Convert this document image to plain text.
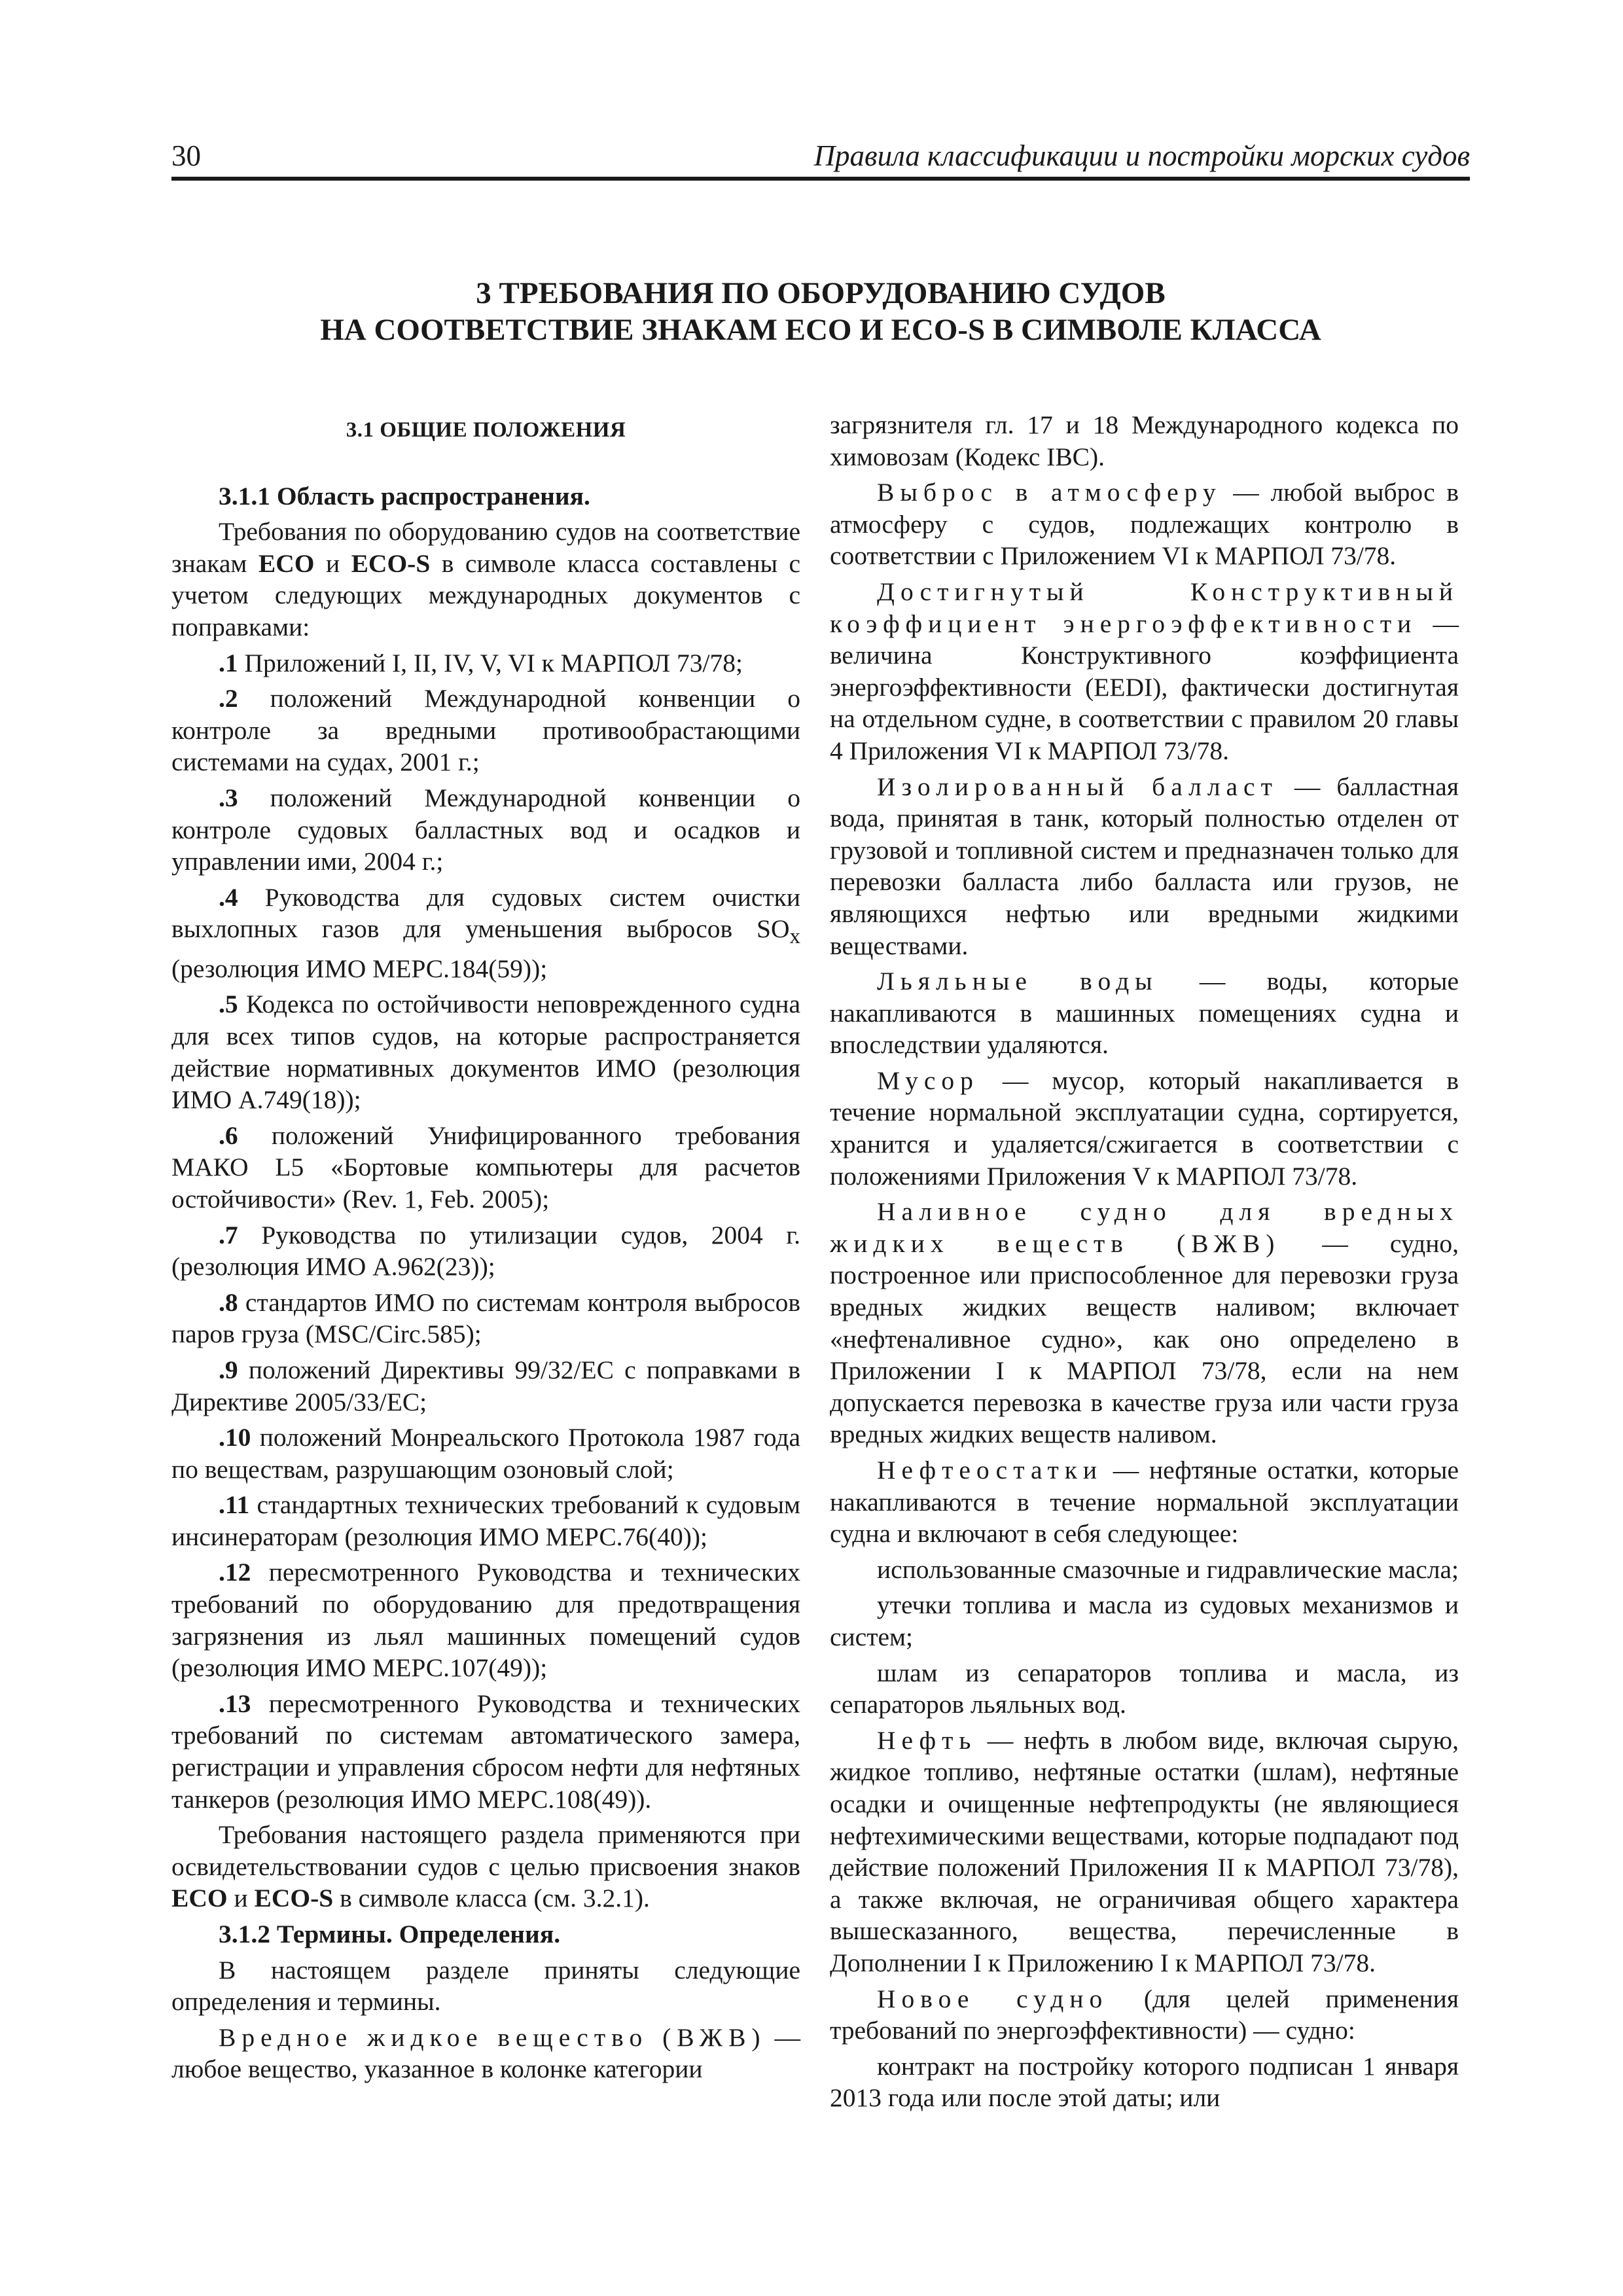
30	Правила классификации и постройки морских судов
3 ТРЕБОВАНИЯ ПО ОБОРУДОВАНИЮ СУДОВ
НА СООТВЕТСТВИЕ ЗНАКАМ ECO И ECO-S В СИМВОЛЕ КЛАССА
3.1 ОБЩИЕ ПОЛОЖЕНИЯ
3.1.1 Область распространения.

Требования по оборудованию судов на соответствие знакам ECO и ECO-S в символе класса составлены с учетом следующих международных документов с поправками:

.1 Приложений I, II, IV, V, VI к МАРПОЛ 73/78;

.2 положений Международной конвенции о контроле за вредными противообрастающими системами на судах, 2001 г.;

.3 положений Международной конвенции о контроле судовых балластных вод и осадков и управлении ими, 2004 г.;

.4 Руководства для судовых систем очистки выхлопных газов для уменьшения выбросов $SO_x$ (резолюция ИМО МЕРС.184(59));

.5 Кодекса по остойчивости неповрежденного судна для всех типов судов, на которые распространяется действие нормативных документов ИМО (резолюция ИМО А.749(18));

.6 положений Унифицированного требования МАКО L5 «Бортовые компьютеры для расчетов остойчивости» (Rev. 1, Feb. 2005);

.7 Руководства по утилизации судов, 2004 г. (резолюция ИМО А.962(23));

.8 стандартов ИМО по системам контроля выбросов паров груза (MSC/Circ.585);

.9 положений Директивы 99/32/ЕС с поправками в Директиве 2005/33/ЕС;

.10 положений Монреальского Протокола 1987 года по веществам, разрушающим озоновый слой;

.11 стандартных технических требований к судовым инсинераторам (резолюция ИМО МЕРС.76(40));

.12 пересмотренного Руководства и технических требований по оборудованию для предотвращения загрязнения из льял машинных помещений судов (резолюция ИМО МЕРС.107(49));

.13 пересмотренного Руководства и технических требований по системам автоматического замера, регистрации и управления сбросом нефти для нефтяных танкеров (резолюция ИМО МЕРС.108(49)).

Требования настоящего раздела применяются при освидетельствовании судов с целью присвоения знаков ECO и ECO-S в символе класса (см. 3.2.1).

3.1.2 Термины. Определения.

В настоящем разделе приняты следующие определения и термины.

Вредное жидкое вещество (ВЖВ) — любое вещество, указанное в колонке категории

загрязнителя гл. 17 и 18 Международного кодекса по химовозам (Кодекс IBC).

Выброс в атмосферу — любой выброс в атмосферу с судов, подлежащих контролю в соответствии с Приложением VI к МАРПОЛ 73/78.

Достигнутый Конструктивный коэффициент энергоэффективности — величина Конструктивного коэффициента энергоэффективности (EEDI), фактически достигнутая на отдельном судне, в соответствии с правилом 20 главы 4 Приложения VI к МАРПОЛ 73/78.

Изолированный балласт — балластная вода, принятая в танк, который полностью отделен от грузовой и топливной систем и предназначен только для перевозки балласта либо балласта или грузов, не являющихся нефтью или вредными жидкими веществами.

Льяльные воды — воды, которые накапливаются в машинных помещениях судна и впоследствии удаляются.

Мусор — мусор, который накапливается в течение нормальной эксплуатации судна, сортируется, хранится и удаляется/сжигается в соответствии с положениями Приложения V к МАРПОЛ 73/78.

Наливное судно для вредных жидких веществ (ВЖВ) — судно, построенное или приспособленное для перевозки груза вредных жидких веществ наливом; включает «нефтеналивное судно», как оно определено в Приложении I к МАРПОЛ 73/78, если на нем допускается перевозка в качестве груза или части груза вредных жидких веществ наливом.

Нефтеостатки — нефтяные остатки, которые накапливаются в течение нормальной эксплуатации судна и включают в себя следующее:

использованные смазочные и гидравлические масла;

утечки топлива и масла из судовых механизмов и систем;

шлам из сепараторов топлива и масла, из сепараторов льяльных вод.

Нефть — нефть в любом виде, включая сырую, жидкое топливо, нефтяные остатки (шлам), нефтяные осадки и очищенные нефтепродукты (не являющиеся нефтехимическими веществами, которые подпадают под действие положений Приложения II к МАРПОЛ 73/78), а также включая, не ограничивая общего характера вышесказанного, вещества, перечисленные в Дополнении I к Приложению I к МАРПОЛ 73/78.

Новое судно (для целей применения требований по энергоэффективности) — судно:

контракт на постройку которого подписан 1 января 2013 года или после этой даты; или
